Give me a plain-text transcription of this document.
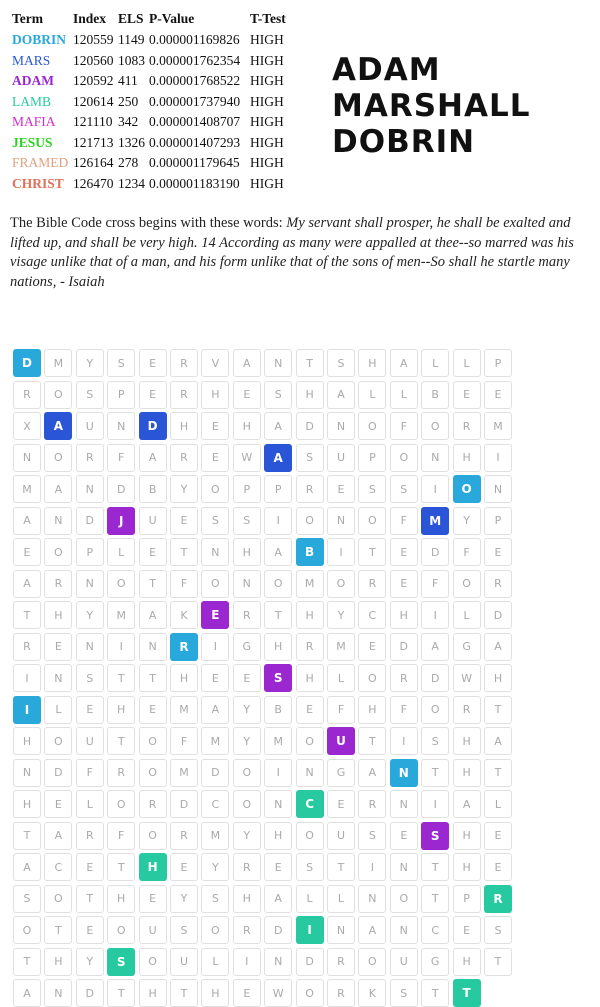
Term	Index	ELS	P-Value	T-Test
DOBRIN	120559	1149	0.000001169826	HIGH
MARS	120560	1083	0.000001762354	HIGH
ADAM	120592	411	0.000001768522	HIGH
LAMB	120614	250	0.000001737940	HIGH
MAFIA	121110	342	0.000001408707	HIGH
JESUS	121713	1326	0.000001407293	HIGH
FRAMED	126164	278	0.000001179645	HIGH
CHRIST	126470	1234	0.000001183190	HIGH
ADAM
MARSHALL
DOBRIN

The Bible Code cross begins with these words: My servant shall prosper, he shall be exalted and lifted up, and shall be very high. 14 According as many were appalled at thee--so marred was his visage unlike that of a man, and his form unlike that of the sons of men--So shall he startle many nations, - Isaiah

D	M	Y	S	E	R	V	A	N	T	S	H	A	L	L	P
R	O	S	P	E	R	H	E	S	H	A	L	L	B	E	E
X	A	U	N	D	H	E	H	A	D	N	O	F	O	R	M
N	O	R	F	A	R	E	W	A	S	U	P	O	N	H	I
M	A	N	D	B	Y	O	P	P	R	E	S	S	I	O	N
A	N	D	J	U	E	S	S	I	O	N	O	F	M	Y	P
E	O	P	L	E	T	N	H	A	B	I	T	E	D	F	E
A	R	N	O	T	F	O	N	O	M	O	R	E	F	O	R
T	H	Y	M	A	K	E	R	T	H	Y	C	H	I	L	D
R	E	N	I	N	R	I	G	H	R	M	E	D	A	G	A
I	N	S	T	T	H	E	E	S	H	L	O	R	D	W	H
I	L	E	H	E	M	A	Y	B	E	F	H	F	O	R	T
H	O	U	T	O	F	M	Y	M	O	U	T	I	S	H	A
N	D	F	R	O	M	D	O	I	N	G	A	N	T	H	T
H	E	L	O	R	D	C	O	N	C	E	R	N	I	A	L
T	A	R	F	O	R	M	Y	H	O	U	S	E	S	H	E
A	C	E	T	H	E	Y	R	E	S	T	I	N	T	H	E
S	O	T	H	E	Y	S	H	A	L	L	N	O	T	P	R
O	T	E	O	U	S	O	R	D	I	N	A	N	C	E	S
T	H	Y	S	O	U	L	I	N	D	R	O	U	G	H	T
A	N	D	T	H	T	H	E	W	O	R	K	S	T	T
